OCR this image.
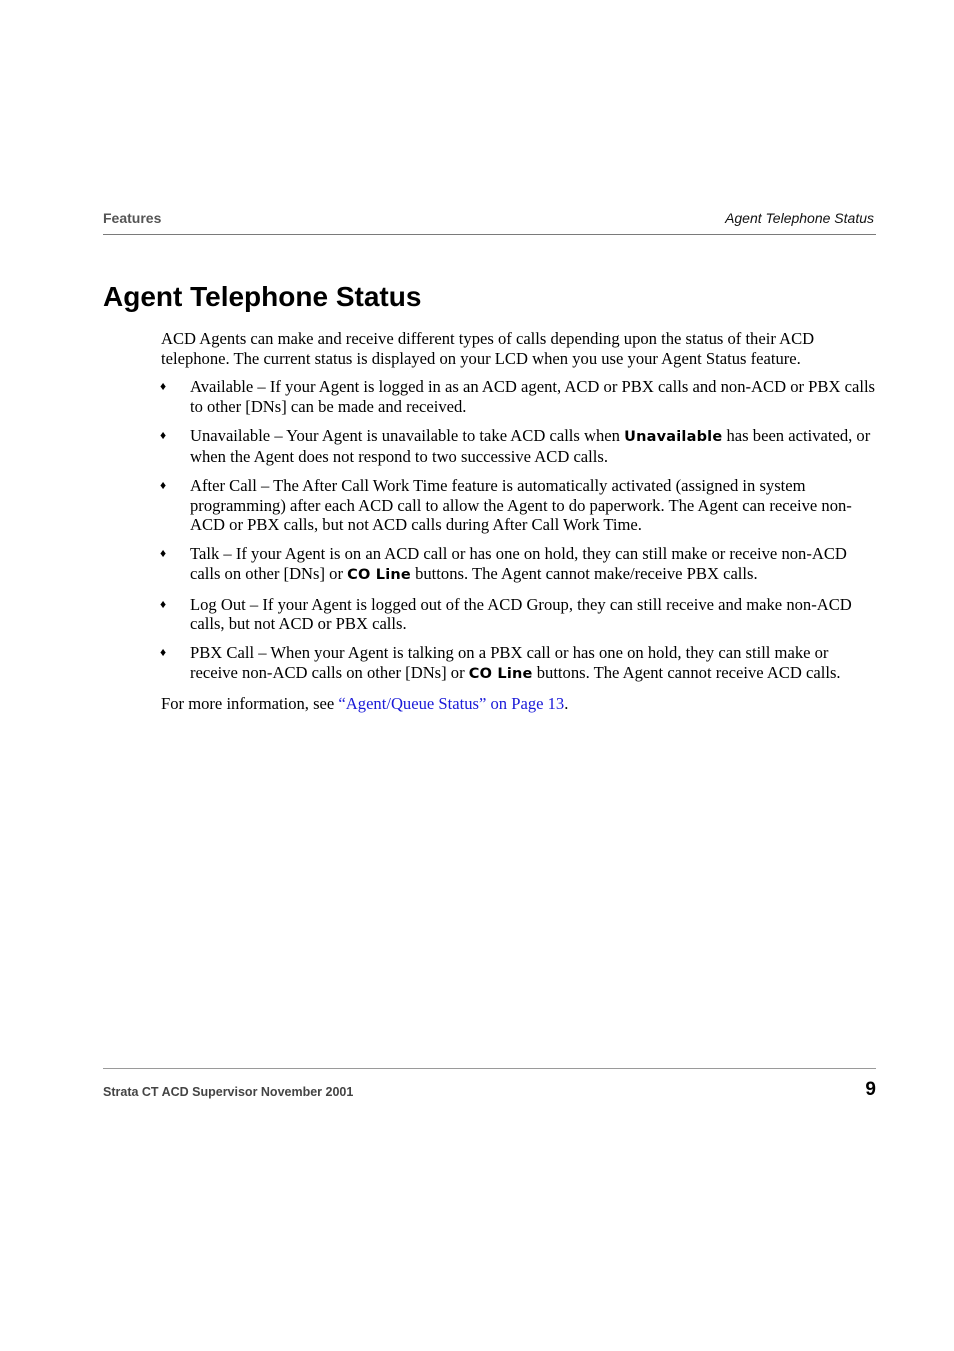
Features	Agent Telephone Status
Agent Telephone Status

ACD Agents can make and receive different types of calls depending upon the status of their ACD telephone. The current status is displayed on your LCD when you use your Agent Status feature.

♦ Available – If your Agent is logged in as an ACD agent, ACD or PBX calls and non-ACD or PBX calls to other [DNs] can be made and received.
♦ Unavailable – Your Agent is unavailable to take ACD calls when Unavailable has been activated, or when the Agent does not respond to two successive ACD calls.
♦ After Call – The After Call Work Time feature is automatically activated (assigned in system programming) after each ACD call to allow the Agent to do paperwork. The Agent can receive non-ACD or PBX calls, but not ACD calls during After Call Work Time.
♦ Talk – If your Agent is on an ACD call or has one on hold, they can still make or receive non-ACD calls on other [DNs] or CO Line buttons. The Agent cannot make/receive PBX calls.
♦ Log Out – If your Agent is logged out of the ACD Group, they can still receive and make non-ACD calls, but not ACD or PBX calls.
♦ PBX Call – When your Agent is talking on a PBX call or has one on hold, they can still make or receive non-ACD calls on other [DNs] or CO Line buttons. The Agent cannot receive ACD calls.

For more information, see “Agent/Queue Status” on Page 13.

Strata CT ACD Supervisor November 2001	9
